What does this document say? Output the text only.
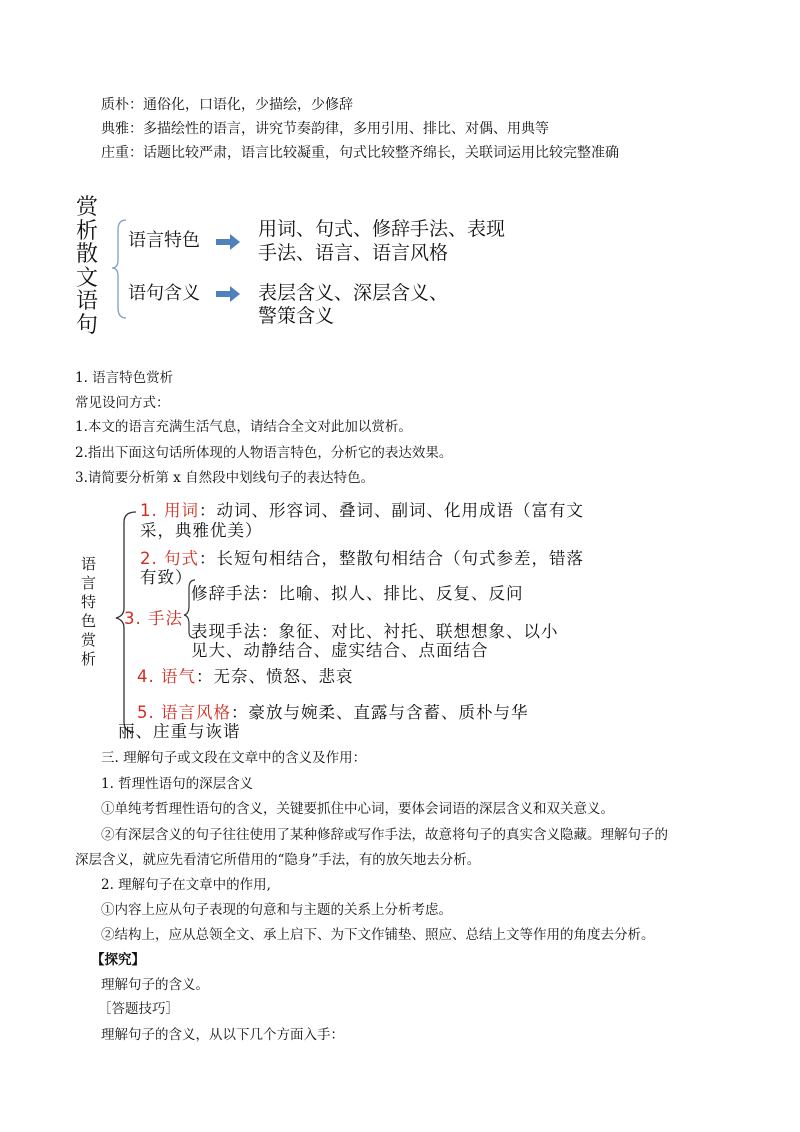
质朴：通俗化，口语化，少描绘，少修辞
典雅：多描绘性的语言，讲究节奏韵律，多用引用、排比、对偶、用典等
庄重：话题比较严肃，语言比较凝重，句式比较整齐绵长，关联词运用比较完整准确
赏
析
散
文
语
句
语言特色
用词、句式、修辞手法、表现
手法、语言、语言风格
语句含义	表层含义、深层含义、
警策含义
1. 语言特色赏析
常见设问方式：
1.本文的语言充满生活气息，请结合全文对此加以赏析。
2.指出下面这句话所体现的人物语言特色，分析它的表达效果。
3.请简要分析第 x 自然段中划线句子的表达特色。
语
言
特
色
赏
析
1. 用词：动词、形容词、叠词、副词、化用成语（富有文
采，典雅优美）
2. 句式：长短句相结合，整散句相结合（句式参差，错落
有致）
3. 手法
修辞手法：比喻、拟人、排比、反复、反问
表现手法：象征、对比、衬托、联想想象、以小
见大、动静结合、虚实结合、点面结合
4. 语气：无奈、愤怒、悲哀
5. 语言风格：豪放与婉柔、直露与含蓄、质朴与华
丽、庄重与诙谐
三. 理解句子或文段在文章中的含义及作用：
1. 哲理性语句的深层含义
①单纯考哲理性语句的含义，关键要抓住中心词，要体会词语的深层含义和双关意义。
②有深层含义的句子往往使用了某种修辞或写作手法，故意将句子的真实含义隐藏。理解句子的
深层含义，就应先看清它所借用的“隐身”手法，有的放矢地去分析。
2. 理解句子在文章中的作用,
①内容上应从句子表现的句意和与主题的关系上分析考虑。
②结构上，应从总领全文、承上启下、为下文作铺垫、照应、总结上文等作用的角度去分析。
【探究】
理解句子的含义。
［答题技巧］
理解句子的含义，从以下几个方面入手：
